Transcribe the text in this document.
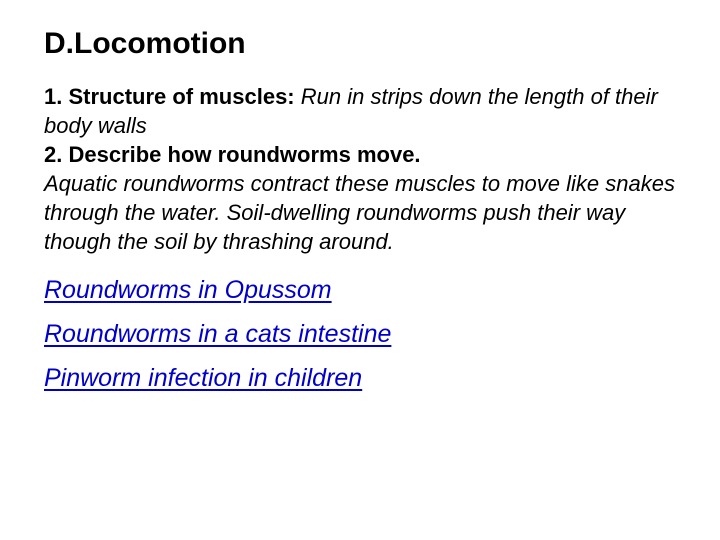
D.Locomotion

1. Structure of muscles: Run in strips down the length of their body walls

2. Describe how roundworms move.

Aquatic roundworms contract these muscles to move like snakes through the water. Soil-dwelling roundworms push their way though the soil by thrashing around.

Roundworms in Opussom
Roundworms in a cats intestine
Pinworm infection in children
